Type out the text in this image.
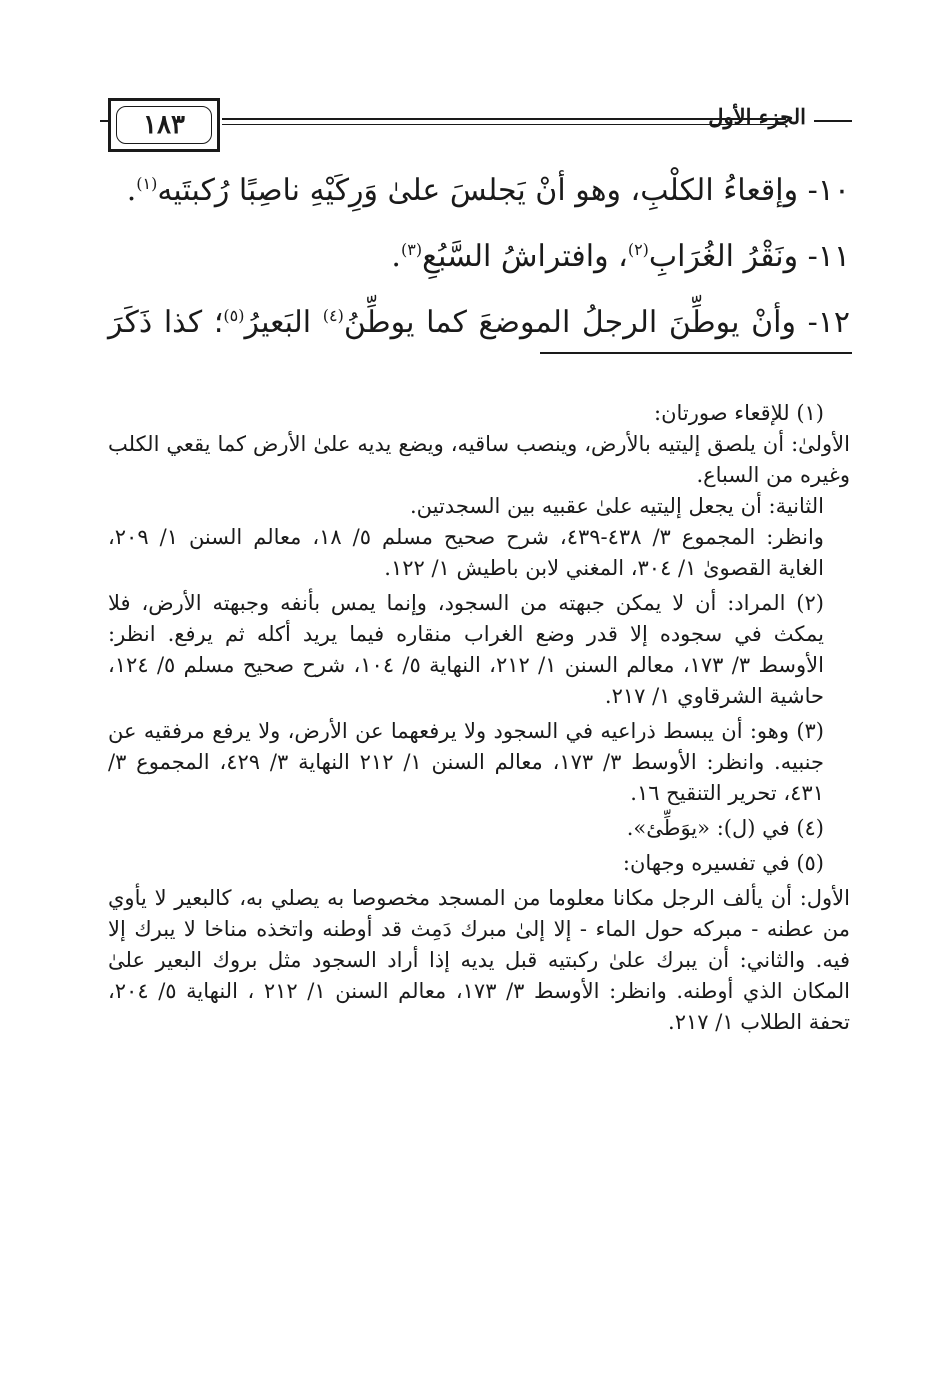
١٨٣	الجزء الأول
١٠- وإقعاءُ الكلْبِ، وهو أنْ يَجلسَ علىٰ وَرِكَيْهِ ناصِبًا رُكبتَيه$^{(١)}$.
١١- ونَقْرُ الغُرَابِ$^{(٢)}$، وافتراشُ السَّبُعِ$^{(٣)}$.
١٢- وأنْ يوطِّنَ الرجلُ الموضعَ كما يوطِّنُ$^{(٤)}$ البَعيرُ$^{(٥)}$؛ كذا ذَكَرَ

(١) للإقعاء صورتان:

الأولىٰ: أن يلصق إليتيه بالأرض، وينصب ساقيه، ويضع يديه علىٰ الأرض كما يقعي الكلب وغيره من السباع.

الثانية: أن يجعل إليتيه علىٰ عقبيه بين السجدتين.

وانظر: المجموع ٣/ ٤٣٨-٤٣٩، شرح صحيح مسلم ٥/ ١٨، معالم السنن ١/ ٢٠٩، الغاية القصوىٰ ١/ ٣٠٤، المغني لابن باطيش ١/ ١٢٢.

(٢) المراد: أن لا يمكن جبهته من السجود، وإنما يمس بأنفه وجبهته الأرض، فلا يمكث في سجوده إلا قدر وضع الغراب منقاره فيما يريد أكله ثم يرفع. انظر: الأوسط ٣/ ١٧٣، معالم السنن ١/ ٢١٢، النهاية ٥/ ١٠٤، شرح صحيح مسلم ٥/ ١٢٤، حاشية الشرقاوي ١/ ٢١٧.

(٣) وهو: أن يبسط ذراعيه في السجود ولا يرفعهما عن الأرض، ولا يرفع مرفقيه عن جنبيه. وانظر: الأوسط ٣/ ١٧٣، معالم السنن ١/ ٢١٢ النهاية ٣/ ٤٢٩، المجموع ٣/ ٤٣١، تحرير التنقيح ١٦.

(٤) في (ل): «يوَطِّئ».

(٥) في تفسيره وجهان:

الأول: أن يألف الرجل مكانا معلوما من المسجد مخصوصا به يصلي به، كالبعير لا يأوي من عطنه - مبركه حول الماء - إلا إلىٰ مبرك دَمِث قد أوطنه واتخذه مناخا لا يبرك إلا فيه. والثاني: أن يبرك علىٰ ركبتيه قبل يديه إذا أراد السجود مثل بروك البعير علىٰ المكان الذي أوطنه. وانظر: الأوسط ٣/ ١٧٣، معالم السنن ١/ ٢١٢ ، النهاية ٥/ ٢٠٤، تحفة الطلاب ١/ ٢١٧.
